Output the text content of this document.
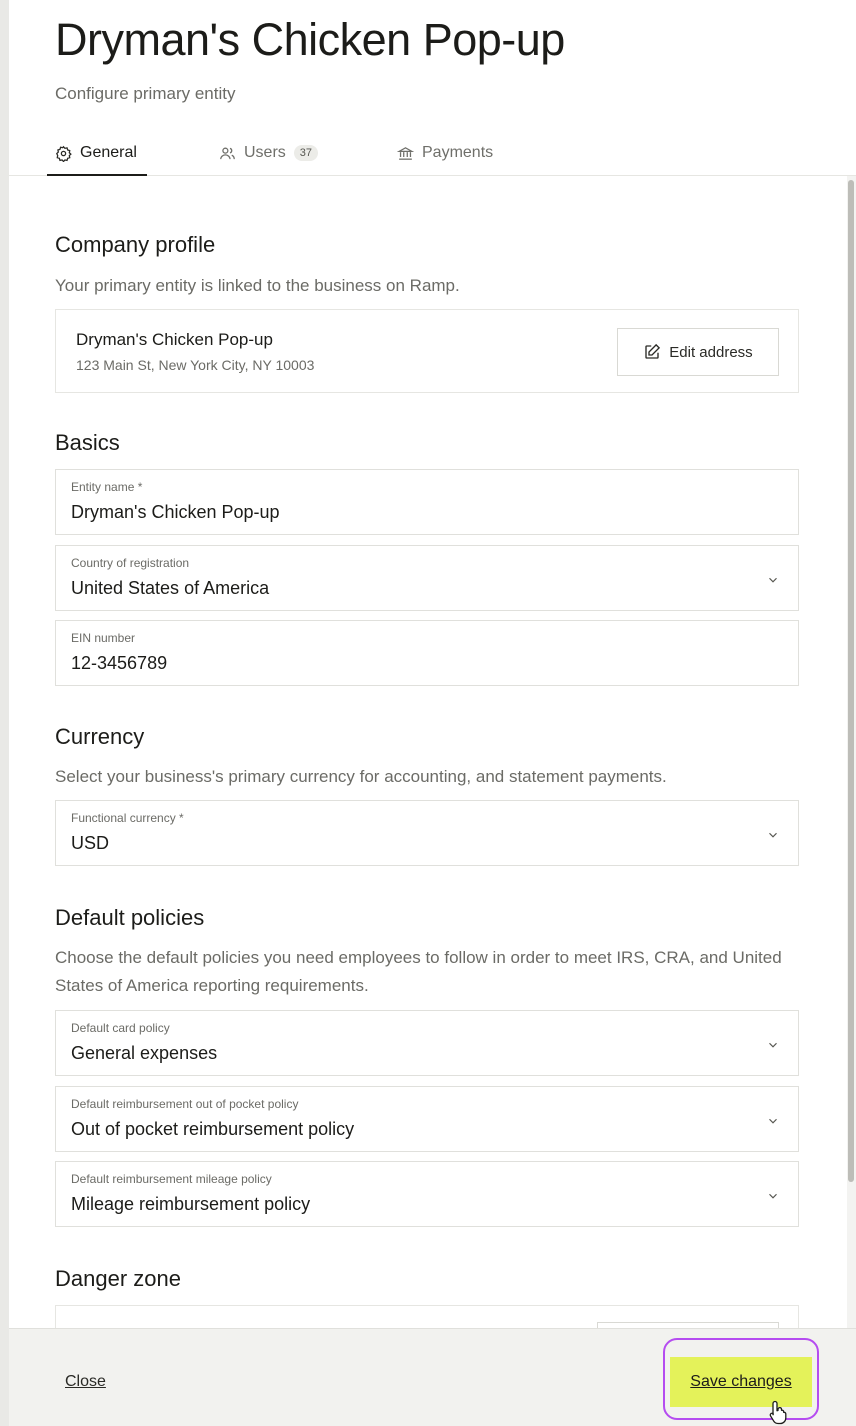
Dryman's Chicken Pop-up
Configure primary entity
General	Users	37	Payments
Company profile
Your primary entity is linked to the business on Ramp.
Dryman's Chicken Pop-up
123 Main St, New York City, NY 10003
Edit address
Basics
Entity name *
Dryman's Chicken Pop-up
Country of registration
United States of America
EIN number
12-3456789
Currency
Select your business's primary currency for accounting, and statement payments.
Functional currency *
USD
Default policies
Choose the default policies you need employees to follow in order to meet IRS, CRA, and United States of America reporting requirements.
Default card policy
General expenses
Default reimbursement out of pocket policy
Out of pocket reimbursement policy
Default reimbursement mileage policy
Mileage reimbursement policy
Danger zone
Close	Save changes
